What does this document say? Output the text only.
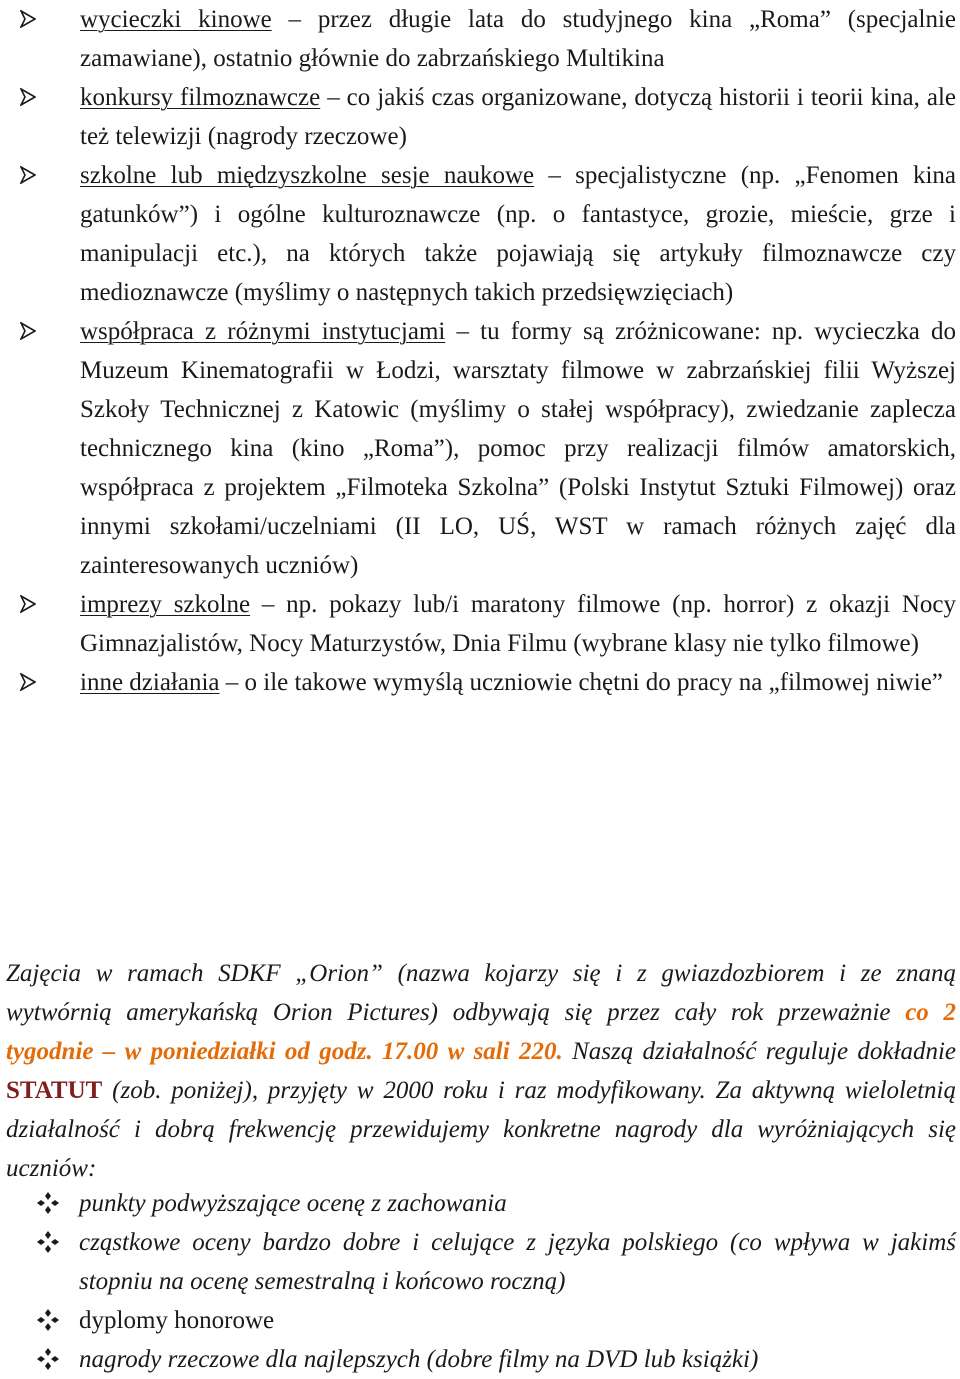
wycieczki kinowe – przez długie lata do studyjnego kina „Roma” (specjalnie zamawiane), ostatnio głównie do zabrzańskiego Multikina
konkursy filmoznawcze – co jakiś czas organizowane, dotyczą historii i teorii kina, ale też telewizji (nagrody rzeczowe)
szkolne lub międzyszkolne sesje naukowe – specjalistyczne (np. „Fenomen kina gatunków”) i ogólne kulturoznawcze (np. o fantastyce, grozie, mieście, grze i manipulacji etc.), na których także pojawiają się artykuły filmoznawcze czy medioznawcze (myślimy o następnych takich przedsięwzięciach)
współpraca z różnymi instytucjami – tu formy są zróżnicowane: np. wycieczka do Muzeum Kinematografii w Łodzi, warsztaty filmowe w zabrzańskiej filii Wyższej Szkoły Technicznej z Katowic (myślimy o stałej współpracy), zwiedzanie zaplecza technicznego kina (kino „Roma”), pomoc przy realizacji filmów amatorskich, współpraca z projektem „Filmoteka Szkolna” (Polski Instytut Sztuki Filmowej) oraz innymi szkołami/uczelniami (II LO, UŚ, WST w ramach różnych zajęć dla zainteresowanych uczniów)
imprezy szkolne – np. pokazy lub/i maratony filmowe (np. horror) z okazji Nocy Gimnazjalistów, Nocy Maturzystów, Dnia Filmu (wybrane klasy nie tylko filmowe)
inne działania – o ile takowe wymyślą uczniowie chętni do pracy na „filmowej niwie”

Zajęcia w ramach SDKF „Orion” (nazwa kojarzy się i z gwiazdozbiorem i ze znaną wytwórnią amerykańską Orion Pictures) odbywają się przez cały rok przeważnie co 2 tygodnie – w poniedziałki od godz. 17.00 w sali 220. Naszą działalność reguluje dokładnie STATUT (zob. poniżej), przyjęty w 2000 roku i raz modyfikowany. Za aktywną wieloletnią działalność i dobrą frekwencję przewidujemy konkretne nagrody dla wyróżniających się uczniów:

punkty podwyższające ocenę z zachowania
cząstkowe oceny bardzo dobre i celujące z języka polskiego (co wpływa w jakimś stopniu na ocenę semestralną i końcowo roczną)
dyplomy honorowe
nagrody rzeczowe dla najlepszych (dobre filmy na DVD lub książki)
